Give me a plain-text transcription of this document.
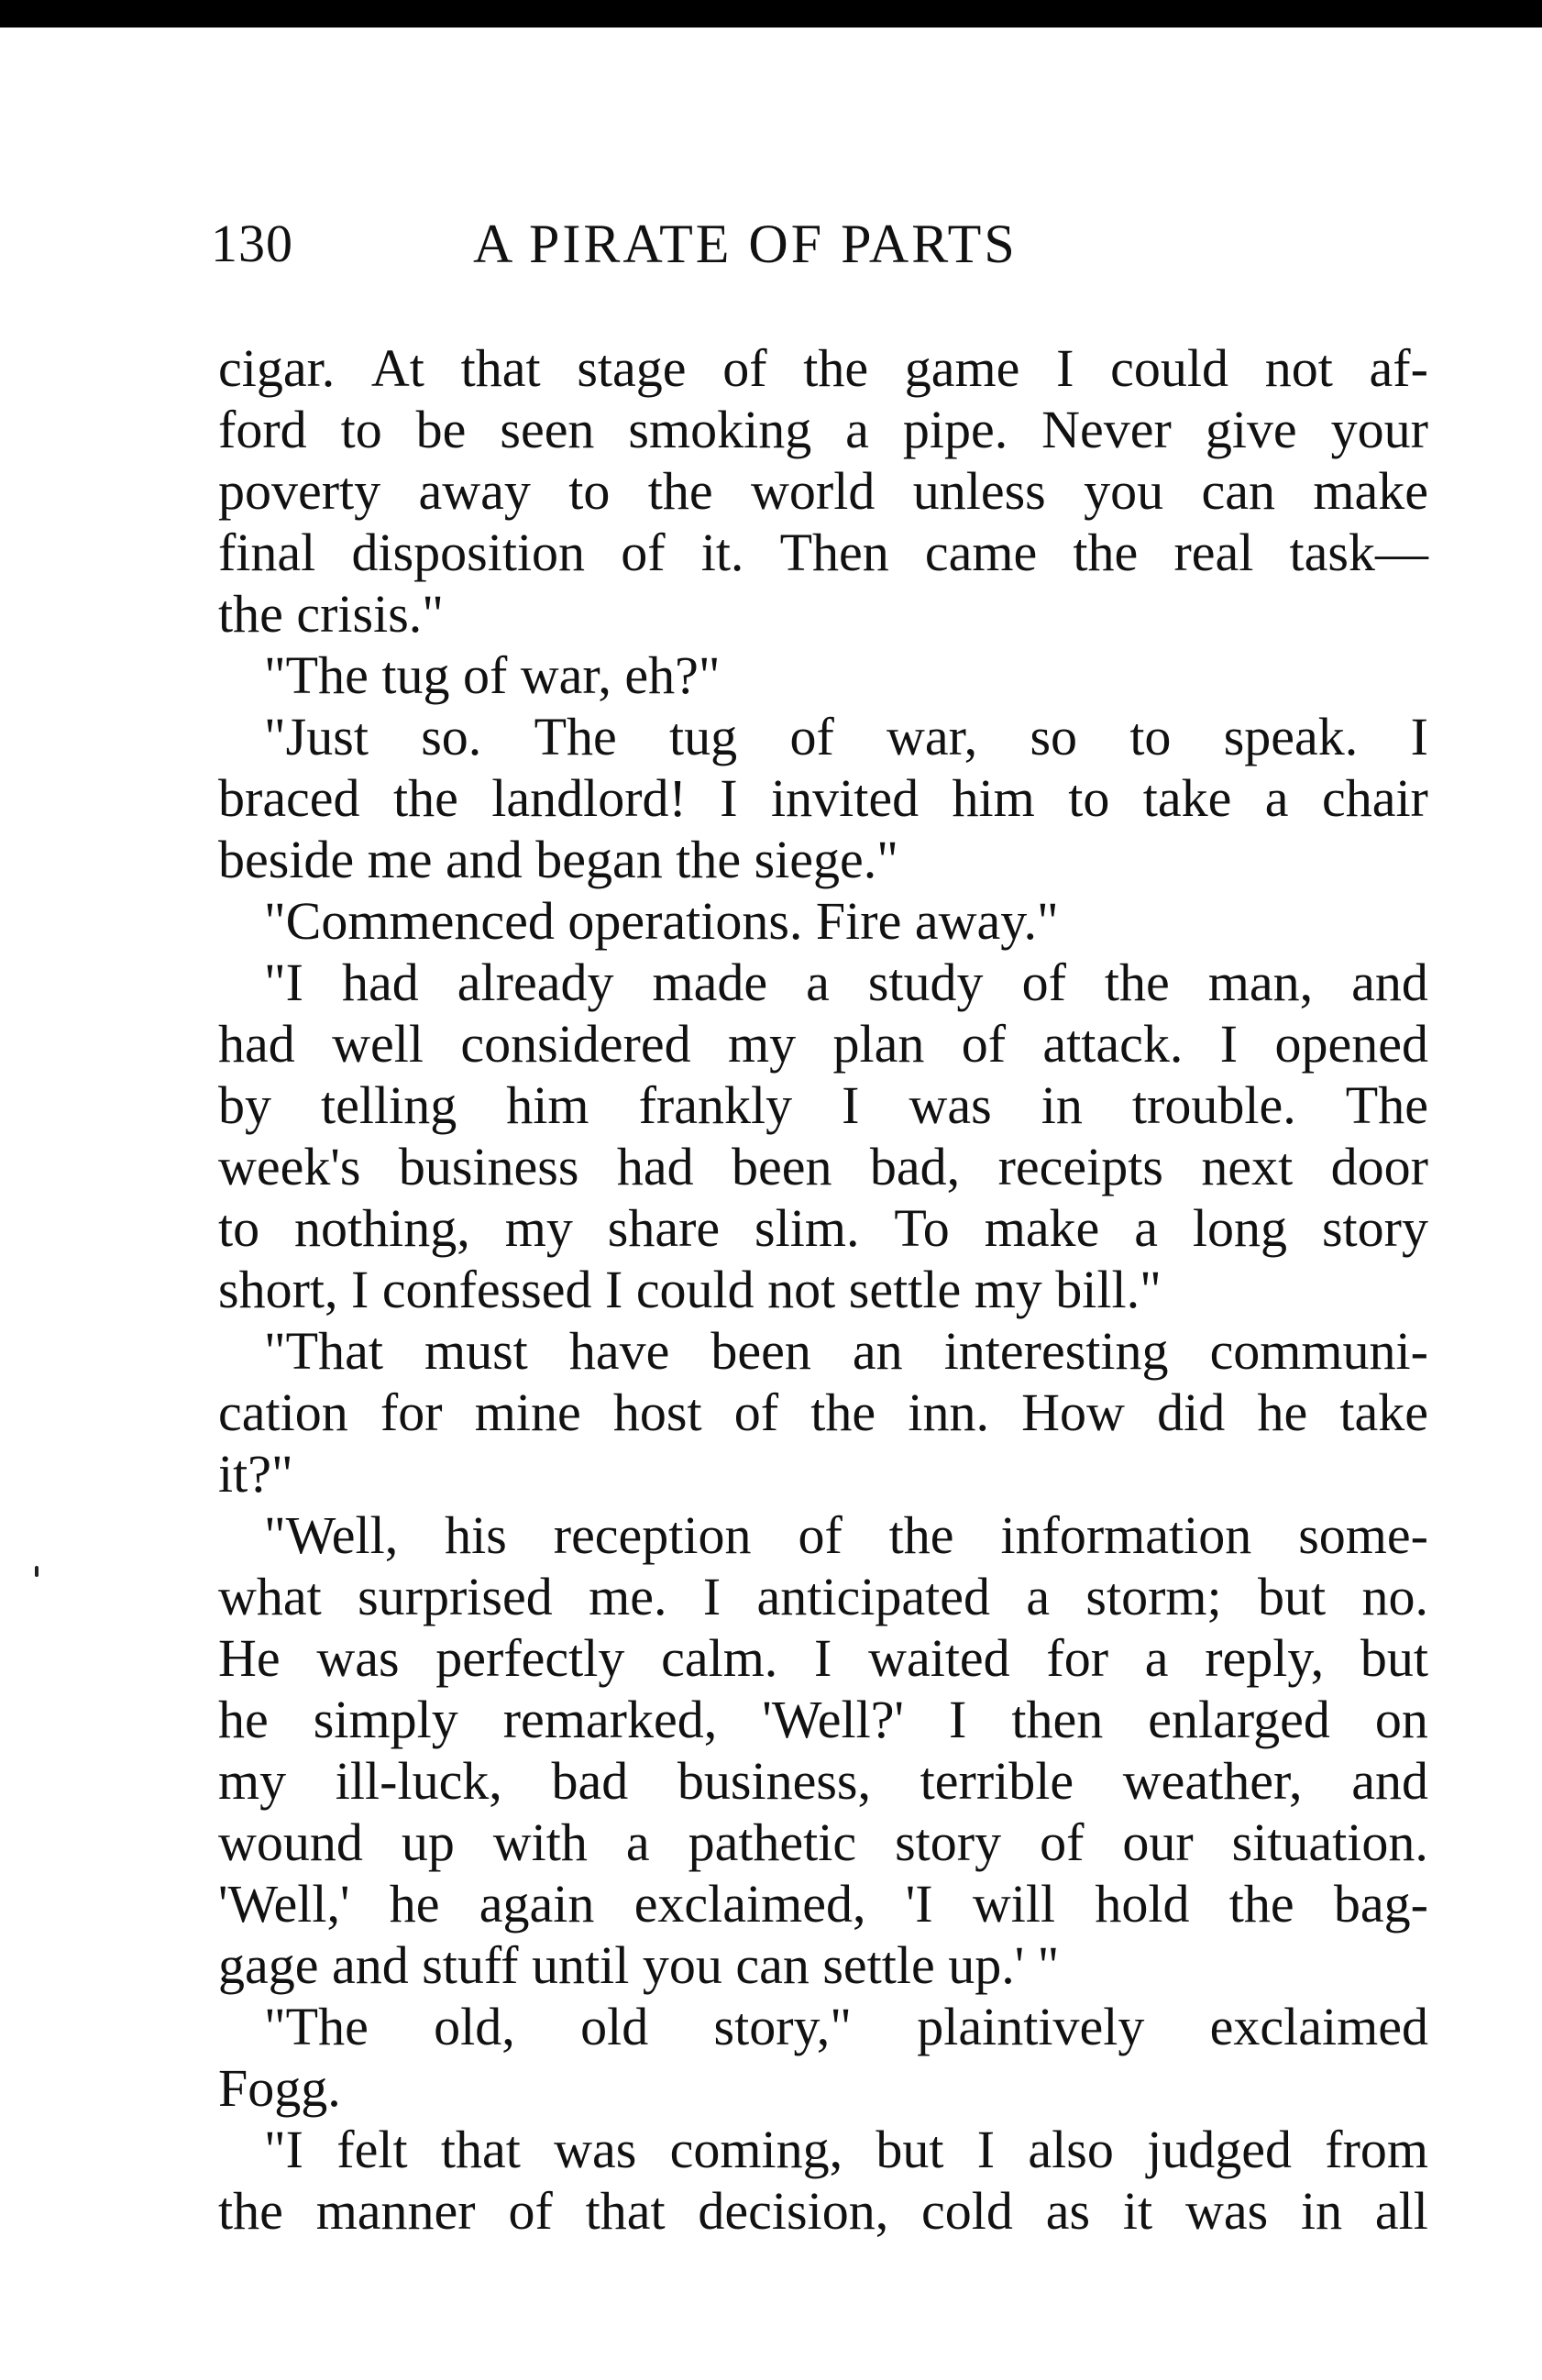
130	A PIRATE OF PARTS
cigar. At that stage of the game I could not af-
ford to be seen smoking a pipe. Never give your
poverty away to the world unless you can make
final disposition of it. Then came the real task—
the crisis."
"The tug of war, eh?"
"Just so. The tug of war, so to speak. I
braced the landlord! I invited him to take a chair
beside me and began the siege."
"Commenced operations. Fire away."
"I had already made a study of the man, and
had well considered my plan of attack. I opened
by telling him frankly I was in trouble. The
week's business had been bad, receipts next door
to nothing, my share slim. To make a long story
short, I confessed I could not settle my bill."
"That must have been an interesting communi-
cation for mine host of the inn. How did he take
it?"
"Well, his reception of the information some-
what surprised me. I anticipated a storm; but no.
He was perfectly calm. I waited for a reply, but
he simply remarked, 'Well?' I then enlarged on
my ill-luck, bad business, terrible weather, and
wound up with a pathetic story of our situation.
'Well,' he again exclaimed, 'I will hold the bag-
gage and stuff until you can settle up.' "
"The old, old story," plaintively exclaimed
Fogg.
"I felt that was coming, but I also judged from
the manner of that decision, cold as it was in all
